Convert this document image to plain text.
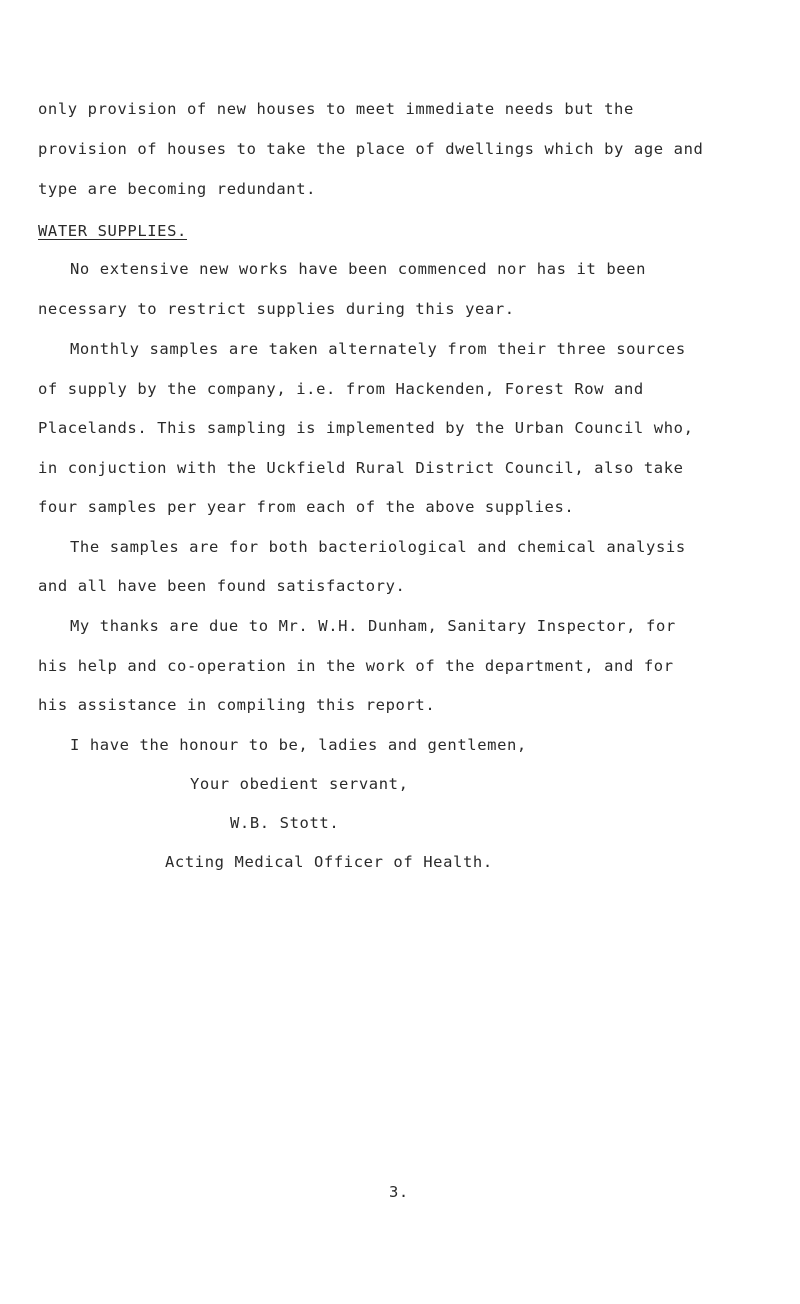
only provision of new houses to meet immediate needs but the
provision of houses to take the place of dwellings which by age and
type are becoming redundant.
WATER SUPPLIES.
No extensive new works have been commenced nor has it been
necessary to restrict supplies during this year.
Monthly samples are taken alternately from their three sources
of supply by the company, i.e. from Hackenden, Forest Row and
Placelands. This sampling is implemented by the Urban Council who,
in conjuction with the Uckfield Rural District Council, also take
four samples per year from each of the above supplies.
The samples are for both bacteriological and chemical analysis
and all have been found satisfactory.
My thanks are due to Mr. W.H. Dunham, Sanitary Inspector, for
his help and co-operation in the work of the department, and for
his assistance in compiling this report.
I have the honour to be, ladies and gentlemen,
Your obedient servant,
W.B. Stott.
Acting Medical Officer of Health.
3.
